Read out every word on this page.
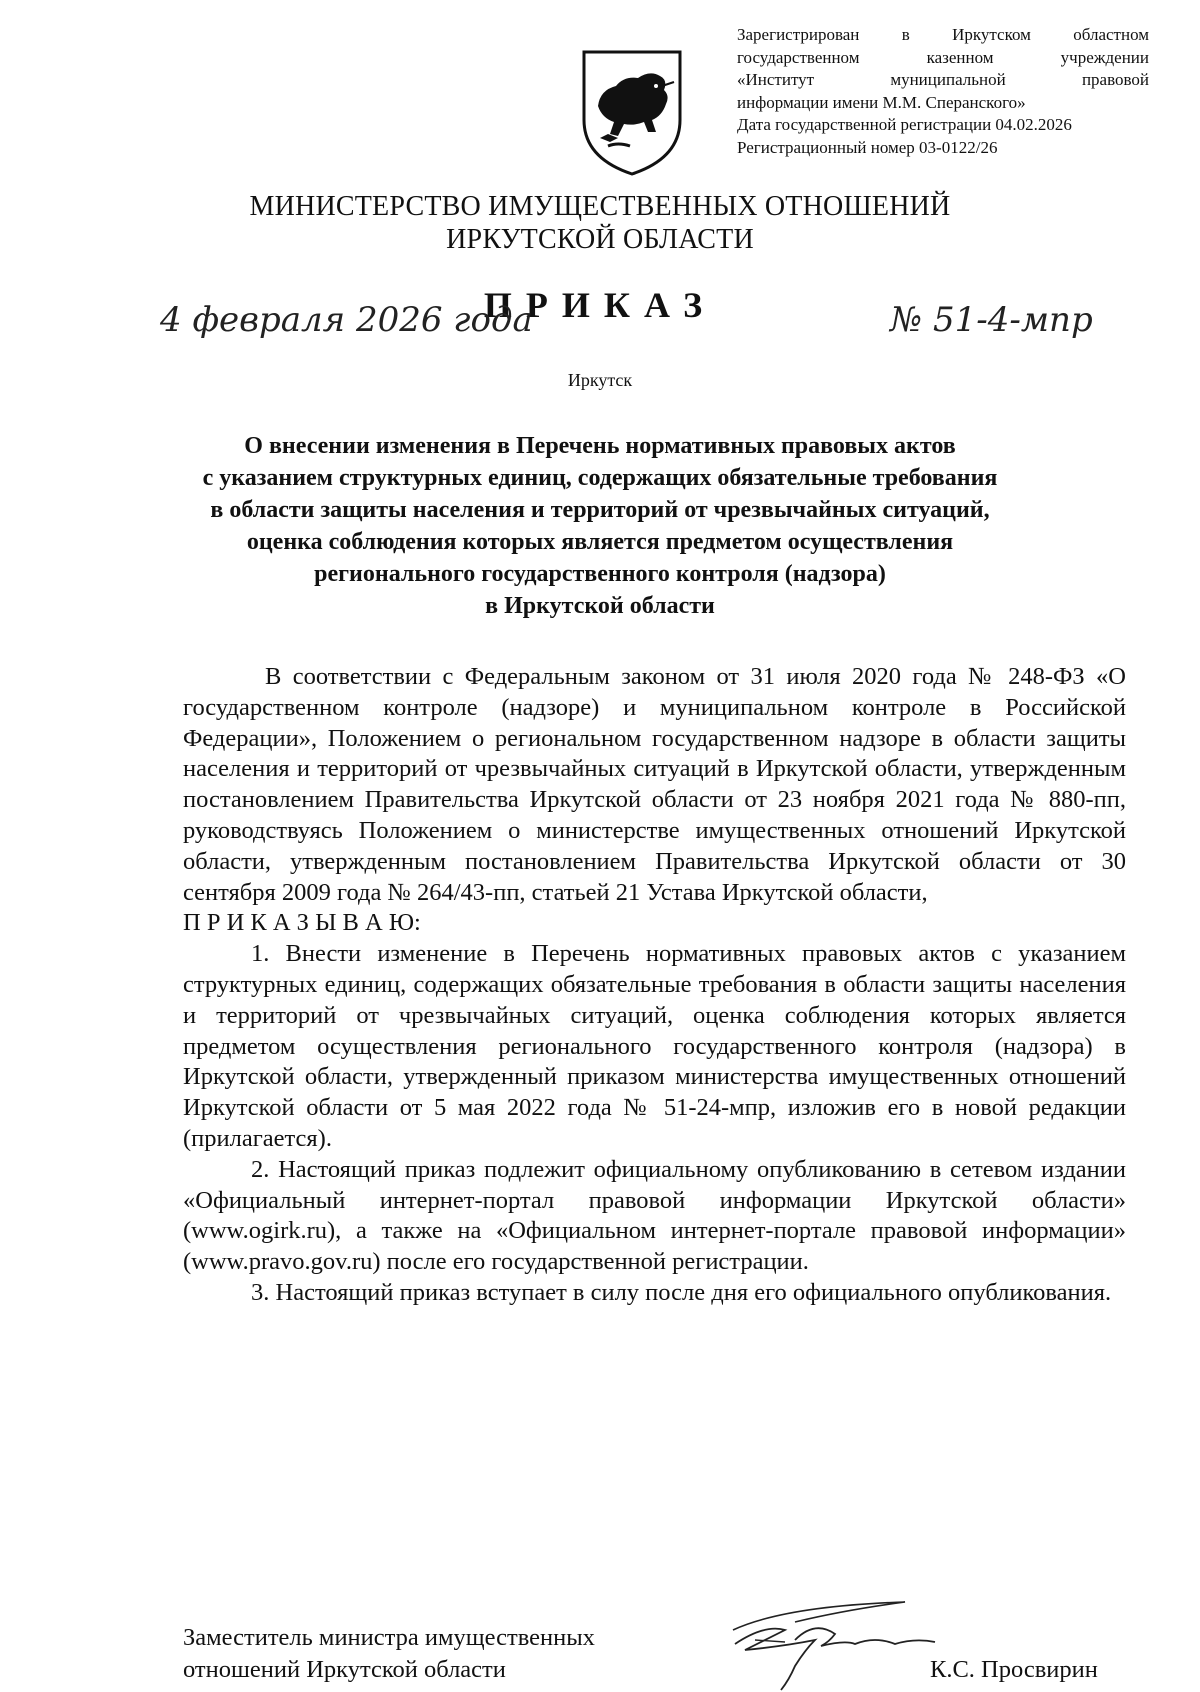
Зарегистрирован в Иркутском областном
государственном казенном учреждении
«Институт муниципальной правовой
информации имени М.М. Сперанского»
Дата государственной регистрации 04.02.2026
Регистрационный номер 03-0122/26
МИНИСТЕРСТВО ИМУЩЕСТВЕННЫХ ОТНОШЕНИЙ
ИРКУТСКОЙ ОБЛАСТИ
ПРИКАЗ
4 февраля 2026 года	№ 51-4-мпр
Иркутск
О внесении изменения в Перечень нормативных правовых актов
с указанием структурных единиц, содержащих обязательные требования
в области защиты населения и территорий от чрезвычайных ситуаций,
оценка соблюдения которых является предметом осуществления
регионального государственного контроля (надзора)
в Иркутской области

В соответствии с Федеральным законом от 31 июля 2020 года № 248-ФЗ «О государственном контроле (надзоре) и муниципальном контроле в Российской Федерации», Положением о региональном государственном надзоре в области защиты населения и территорий от чрезвычайных ситуаций в Иркутской области, утвержденным постановлением Правительства Иркутской области от 23 ноября 2021 года № 880-пп, руководствуясь Положением о министерстве имущественных отношений Иркутской области, утвержденным постановлением Правительства Иркутской области от 30 сентября 2009 года № 264/43-пп, статьей 21 Устава Иркутской области,

П Р И К А З Ы В А Ю:

1. Внести изменение в Перечень нормативных правовых актов с указанием структурных единиц, содержащих обязательные требования в области защиты населения и территорий от чрезвычайных ситуаций, оценка соблюдения которых является предметом осуществления регионального государственного контроля (надзора) в Иркутской области, утвержденный приказом министерства имущественных отношений Иркутской области от 5 мая 2022 года № 51-24-мпр, изложив его в новой редакции (прилагается).

2. Настоящий приказ подлежит официальному опубликованию в сетевом издании «Официальный интернет-портал правовой информации Иркутской области» (www.ogirk.ru), а также на «Официальном интернет-портале правовой информации» (www.pravo.gov.ru) после его государственной регистрации.

3. Настоящий приказ вступает в силу после дня его официального опубликования.

Заместитель министра имущественных
отношений Иркутской области	К.С. Просвирин
